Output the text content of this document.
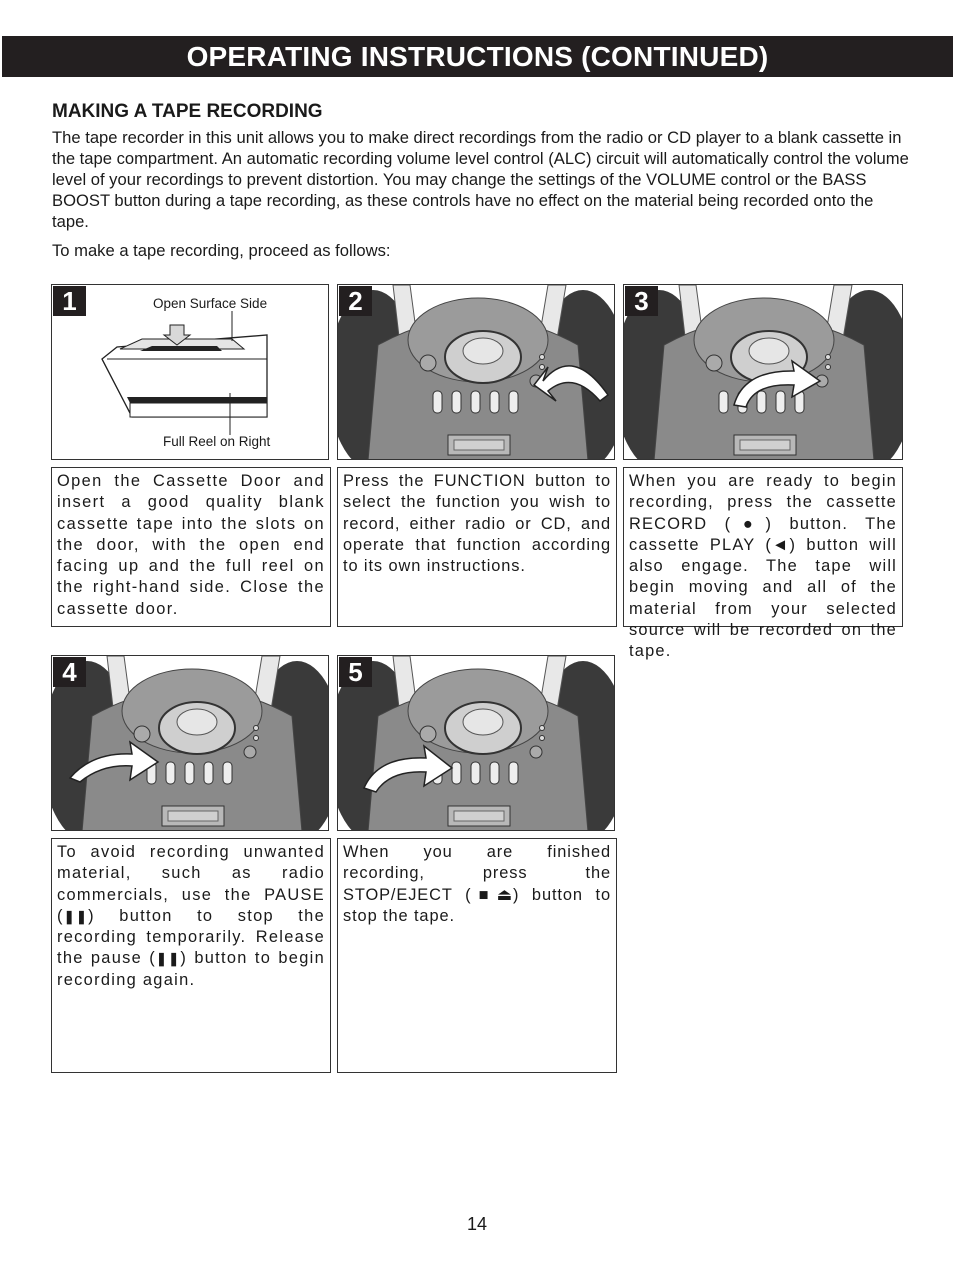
OPERATING INSTRUCTIONS (CONTINUED)
MAKING A TAPE RECORDING
The tape recorder in this unit allows you to make direct recordings from the radio or CD player to a blank cassette in the tape compartment. An automatic recording volume level control (ALC) circuit will automatically control the volume level of your recordings to prevent distortion. You may change the settings of the VOLUME control or the BASS BOOST button during a tape recording, as these controls have no effect on the material being recorded onto the tape.
To make a tape recording, proceed as follows:
1	Open Surface Side
Full Reel on Right
Open the Cassette Door and insert a good quality blank cassette tape into the slots on the door, with the open end facing up and the full reel on the right-hand side. Close the cassette door.
2
Press the FUNCTION button to select the function you wish to record, either radio or CD, and operate that function according to its own instructions.
3
When you are ready to begin recording, press the cassette RECORD (●) button. The cassette PLAY (◄) button will also engage. The tape will begin moving and all of the material from your selected source will be recorded on the tape.
4
To avoid recording unwanted material, such as radio commercials, use the PAUSE (❚❚) button to stop the recording temporarily. Release the pause (❚❚) button to begin recording again.
5
When you are finished recording, press the STOP/EJECT (■⏏) button to stop the tape.
14
